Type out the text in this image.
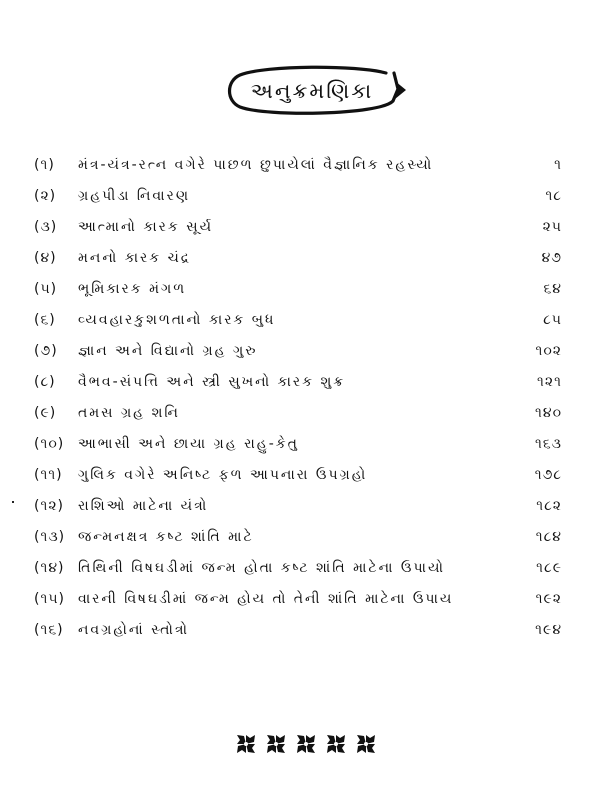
અનુક્રમણિકા
(૧)	મંત્ર-યંત્ર-રત્ન વગેરે પાછળ છુપાયેલાં વૈજ્ઞાનિક રહસ્યો	૧
(૨)	ગ્રહપીડા નિવારણ	૧૮
(૩)	આત્માનો કારક સૂર્ય	૨૫
(૪)	મનનો કારક ચંદ્ર	૪૭
(૫)	ભૂમિકારક મંગળ	૬૪
(૬)	વ્યવહારકુશળતાનો કારક બુધ	૮૫
(૭)	જ્ઞાન અને વિદ્યાનો ગ્રહ ગુરુ	૧૦૨
(૮)	વૈભવ-સંપત્તિ અને સ્ત્રી સુખનો કારક શુક્ર	૧૨૧
(૯)	તમસ ગ્રહ શનિ	૧૪૦
(૧૦) આભાસી અને છાયા ગ્રહ રાહુ-કેતુ	૧૬૩
(૧૧)	ગુલિક વગેરે અનિષ્ટ ફળ આપનારા ઉપગ્રહો	૧૭૮
(૧૨) રાશિઓ માટેના યંત્રો	૧૮૨
(૧૩) જન્મનક્ષત્ર કષ્ટ શાંતિ માટે	૧૮૪
(૧૪) તિથિની વિષઘડીમાં જન્મ હોતા કષ્ટ શાંતિ માટેના ઉપાયો	૧૮૯
(૧૫) વારની વિષઘડીમાં જન્મ હોય તો તેની શાંતિ માટેના ઉપાય	૧૯૨
(૧૬)	નવગ્રહોનાં સ્તોત્રો	૧૯૪
